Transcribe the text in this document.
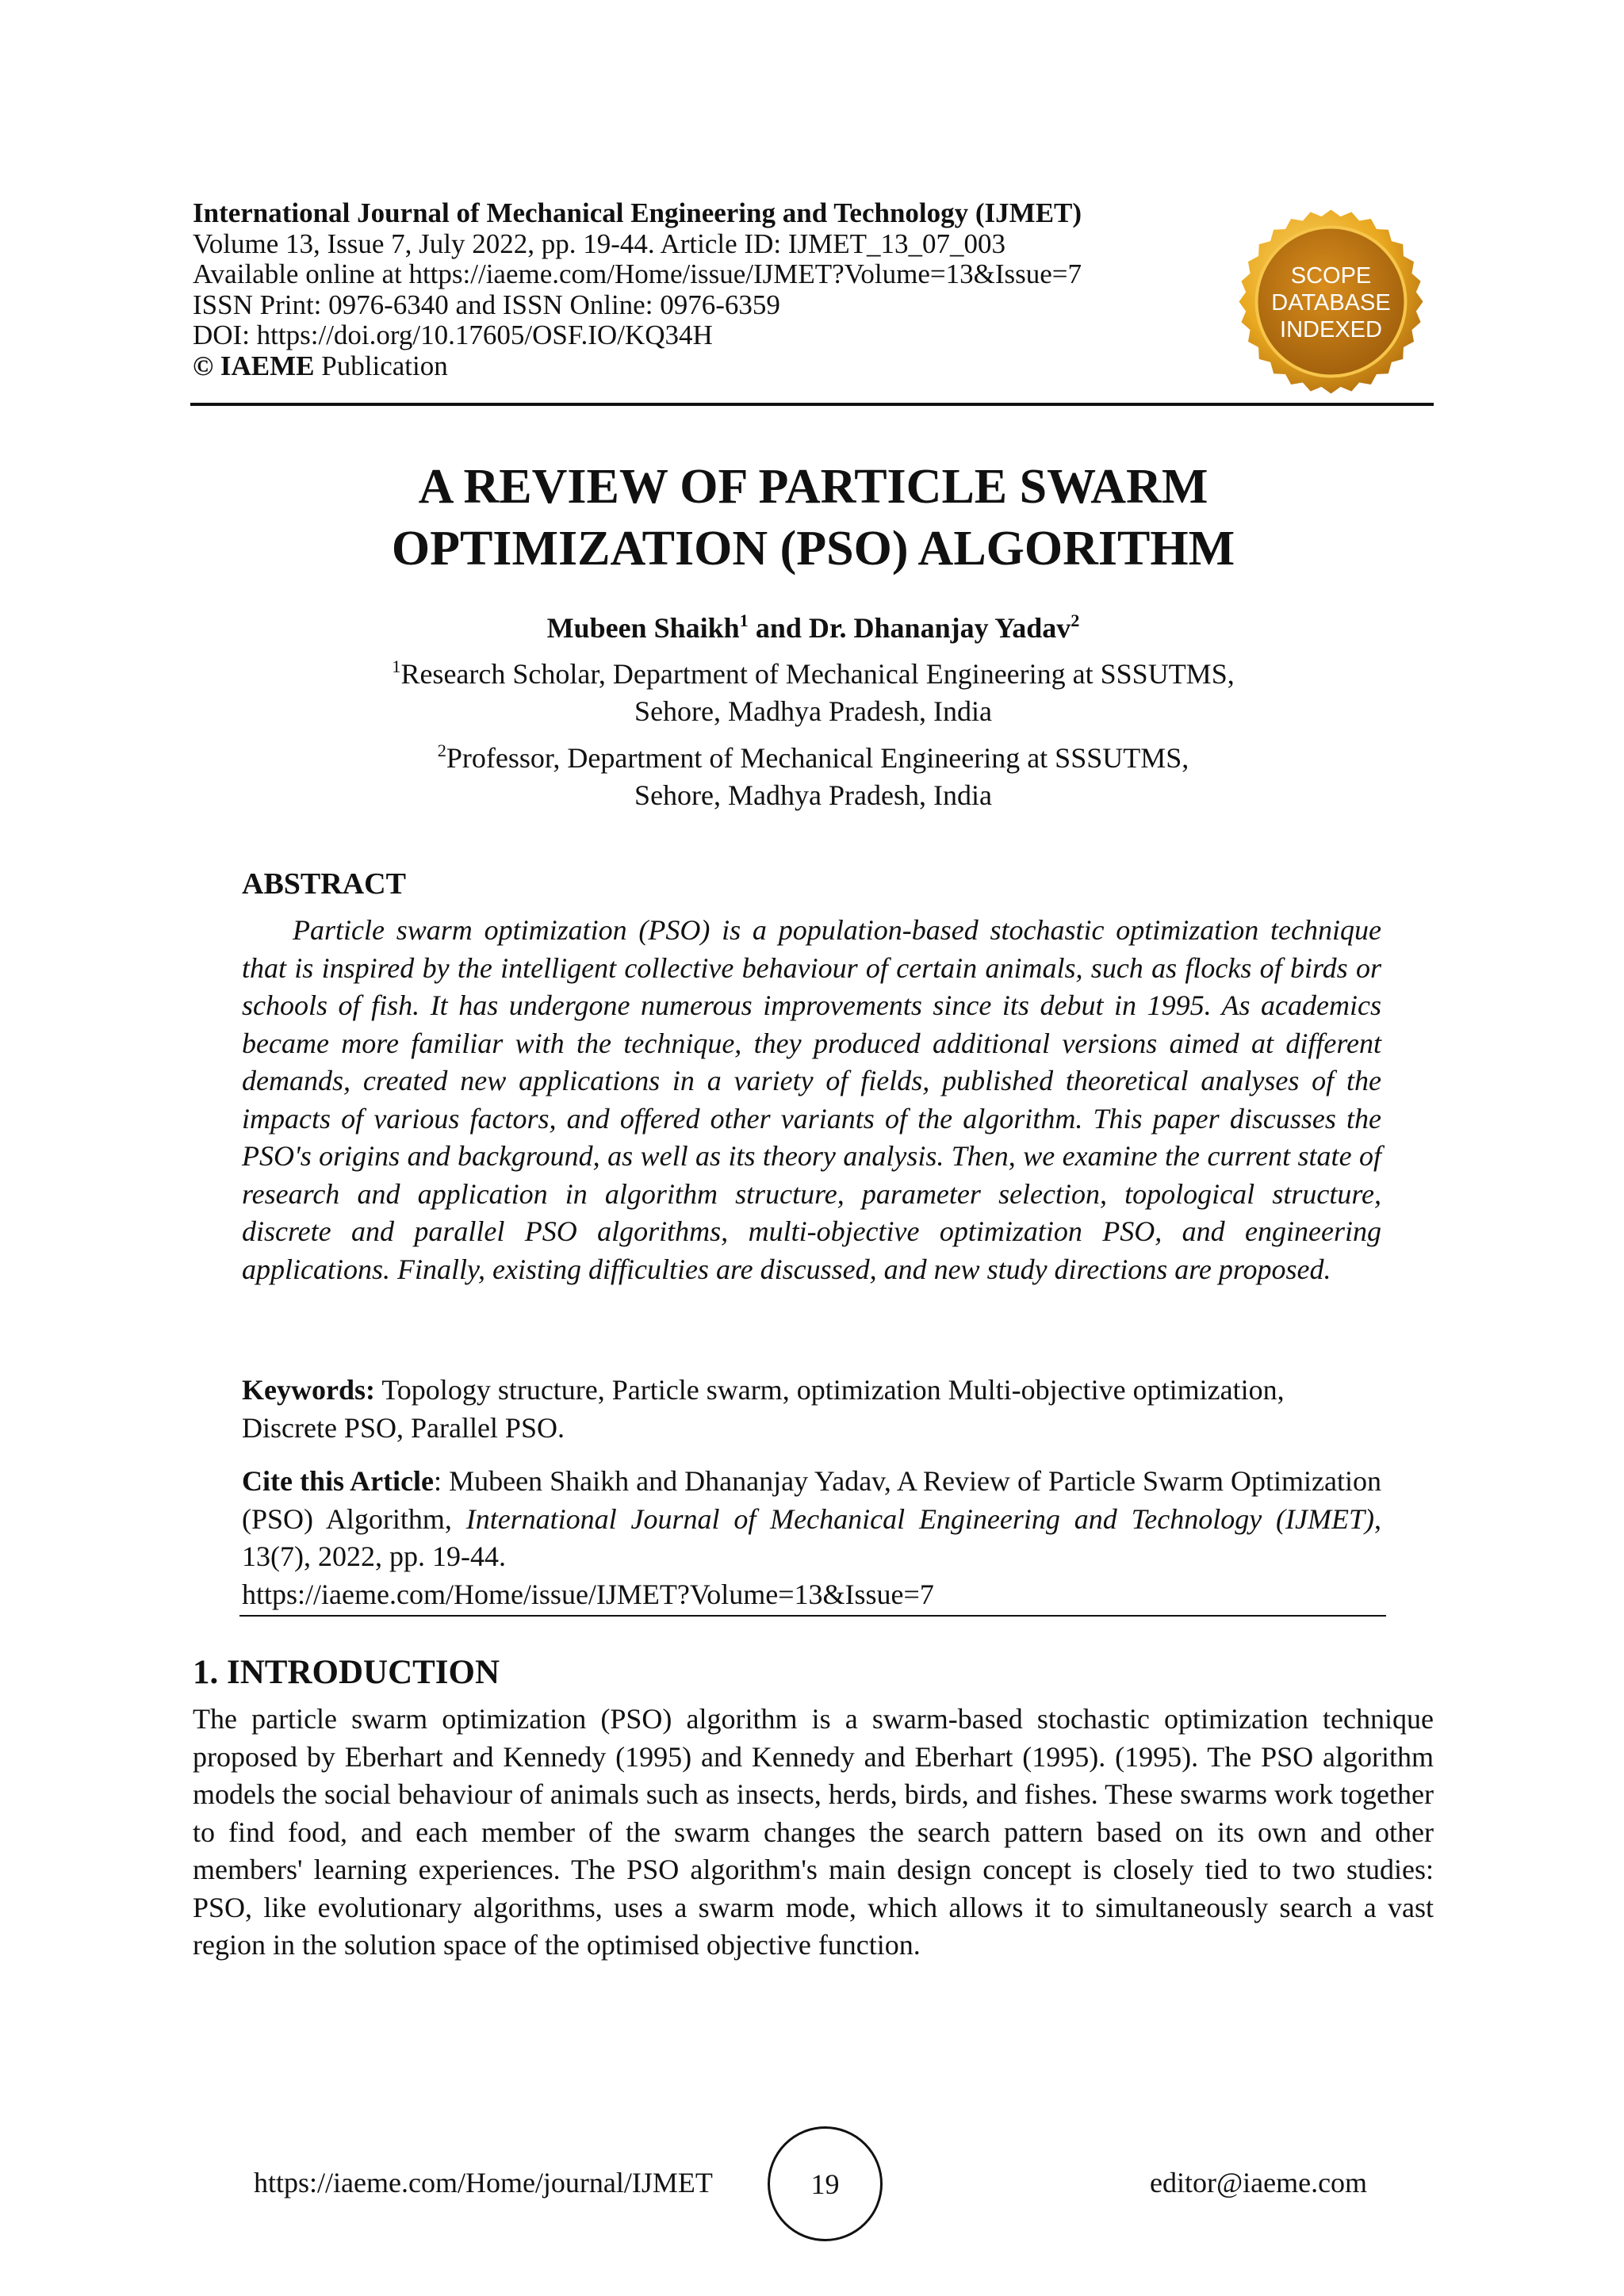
International Journal of Mechanical Engineering and Technology (IJMET)
Volume 13, Issue 7, July 2022, pp. 19-44. Article ID: IJMET_13_07_003
Available online at https://iaeme.com/Home/issue/IJMET?Volume=13&Issue=7
ISSN Print: 0976-6340 and ISSN Online: 0976-6359
DOI: https://doi.org/10.17605/OSF.IO/KQ34H
© IAEME Publication
SCOPE
DATABASE
INDEXED
A REVIEW OF PARTICLE SWARM
OPTIMIZATION (PSO) ALGORITHM
Mubeen Shaikh$^1$ and Dr. Dhananjay Yadav$^2$
$^1$Research Scholar, Department of Mechanical Engineering at SSSUTMS,
Sehore, Madhya Pradesh, India
$^2$Professor, Department of Mechanical Engineering at SSSUTMS,
Sehore, Madhya Pradesh, India
ABSTRACT
Particle swarm optimization (PSO) is a population-based stochastic optimization technique that is inspired by the intelligent collective behaviour of certain animals, such as flocks of birds or schools of fish. It has undergone numerous improvements since its debut in 1995. As academics became more familiar with the technique, they produced additional versions aimed at different demands, created new applications in a variety of fields, published theoretical analyses of the impacts of various factors, and offered other variants of the algorithm. This paper discusses the PSO's origins and background, as well as its theory analysis. Then, we examine the current state of research and application in algorithm structure, parameter selection, topological structure, discrete and parallel PSO algorithms, multi-objective optimization PSO, and engineering applications. Finally, existing difficulties are discussed, and new study directions are proposed.
Keywords: Topology structure, Particle swarm, optimization Multi-objective optimization, Discrete PSO, Parallel PSO.
Cite this Article: Mubeen Shaikh and Dhananjay Yadav, A Review of Particle Swarm Optimization (PSO) Algorithm, International Journal of Mechanical Engineering and Technology (IJMET), 13(7), 2022, pp. 19-44.
https://iaeme.com/Home/issue/IJMET?Volume=13&Issue=7
1. INTRODUCTION
The particle swarm optimization (PSO) algorithm is a swarm-based stochastic optimization technique proposed by Eberhart and Kennedy (1995) and Kennedy and Eberhart (1995). (1995). The PSO algorithm models the social behaviour of animals such as insects, herds, birds, and fishes. These swarms work together to find food, and each member of the swarm changes the search pattern based on its own and other members' learning experiences. The PSO algorithm's main design concept is closely tied to two studies: PSO, like evolutionary algorithms, uses a swarm mode, which allows it to simultaneously search a vast region in the solution space of the optimised objective function.
https://iaeme.com/Home/journal/IJMET	19	editor@iaeme.com
